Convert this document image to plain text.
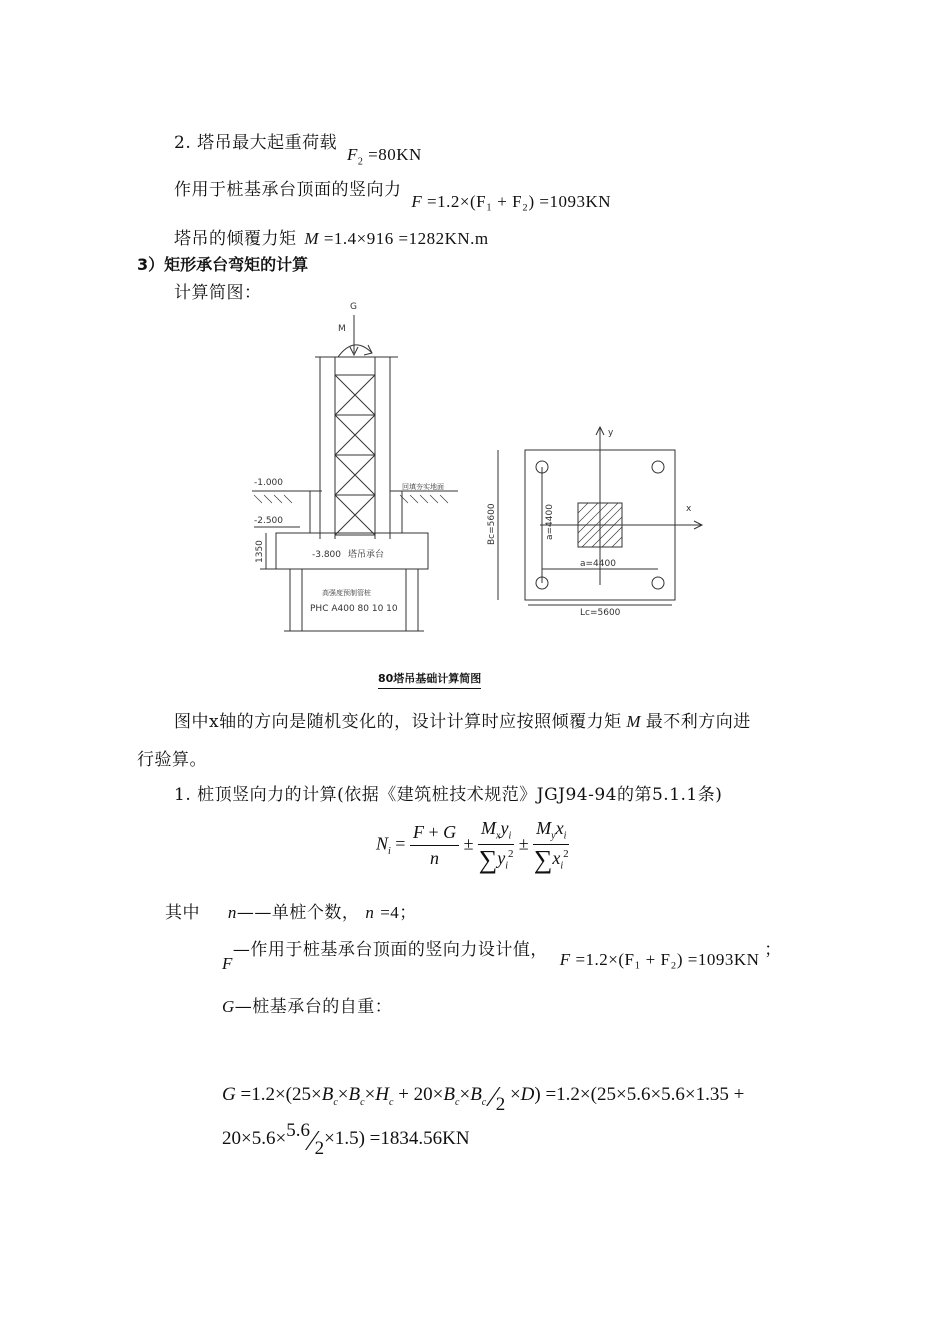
2. 塔吊最大起重荷载 $F_2 =80KN$
作用于桩基承台顶面的竖向力 F =1.2×(F₁ + F₂) =1093KN
塔吊的倾覆力矩 M =1.4×916 =1282KN.m
3）矩形承台弯矩的计算
计算简图：
G
M
-1.000	回填夯实地面
-2.500
-3.800 塔吊承台
1350
高强度预制管桩
PHC A400 80 10 10
y
x
Bc=5600	a=4400
a=4400
Lc=5600
80塔吊基础计算简图
图中x轴的方向是随机变化的，设计计算时应按照倾覆力矩 M 最不利方向进
行验算。
1. 桩顶竖向力的计算(依据《建筑桩技术规范》JGJ94-94的第5.1.1条)
$N_i = \frac{F + G}{n} \pm \frac{M_xy_i}{\sum y_i^2} \pm \frac{M_yx_i}{\sum x_i^2}$
其中 n——单桩个数， n =4；
F—作用于桩基承台顶面的竖向力设计值， F =1.2×(F₁ + F₂) =1093KN ；
G—桩基承台的自重：
$G =1.2\times(25\times B_c\times B_c\times H_c + 20\times B_c\times B_c$ ⁄2 ×D) =1.2×(25×5.6×5.6×1.35 +
20×5.6×5.6⁄2×1.5) =1834.56KN
